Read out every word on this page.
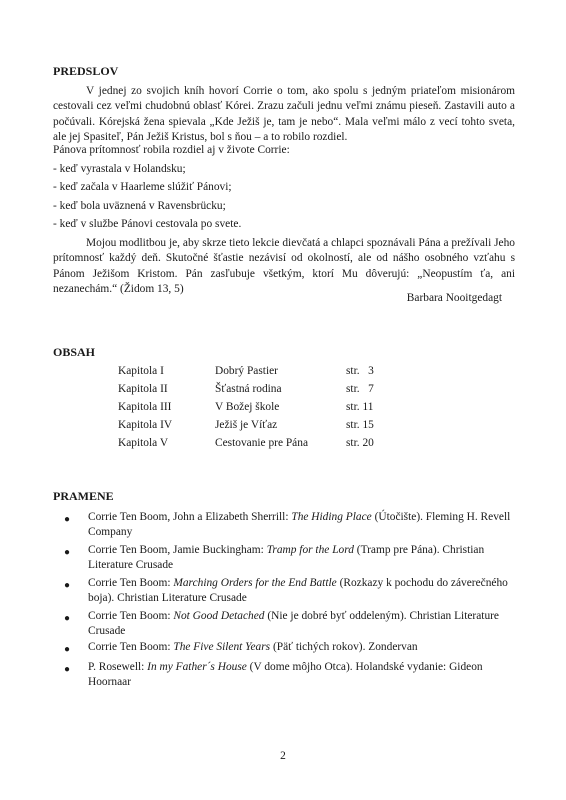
PREDSLOV

V jednej zo svojich kníh hovorí Corrie o tom, ako spolu s jedným priateľom misionárom cestovali cez veľmi chudobnú oblasť Kórei. Zrazu začuli jednu veľmi známu pieseň. Zastavili auto a počúvali. Kórejská žena spievala „Kde Ježiš je, tam je nebo“. Mala veľmi málo z vecí tohto sveta, ale jej Spasiteľ, Pán Ježiš Kristus, bol s ňou – a to robilo rozdiel.

Pánova prítomnosť robila rozdiel aj v živote Corrie:

- keď vyrastala v Holandsku;

- keď začala v Haarleme slúžiť Pánovi;

- keď bola uväznená v Ravensbrücku;

- keď v službe Pánovi cestovala po svete.

Mojou modlitbou je, aby skrze tieto lekcie dievčatá a chlapci spoznávali Pána a prežívali Jeho prítomnosť každý deň. Skutočné šťastie nezávisí od okolností, ale od nášho osobného vzťahu s Pánom Ježišom Kristom. Pán zasľubuje všetkým, ktorí Mu dôverujú: „Neopustím ťa, ani nezanechám.“ (Židom 13, 5)

Barbara Nooitgedagt

OBSAH
Kapitola I	Dobrý Pastier	str.   3
Kapitola II	Šťastná rodina	str.   7
Kapitola III	V Božej škole	str. 11
Kapitola IV	Ježiš je Víťaz	str. 15
Kapitola V	Cestovanie pre Pána	str. 20
PRAMENE
● Corrie Ten Boom, John a Elizabeth Sherrill: The Hiding Place (Útočište). Fleming H. Revell Company

● Corrie Ten Boom, Jamie Buckingham: Tramp for the Lord (Tramp pre Pána). Christian Literature Crusade

● Corrie Ten Boom: Marching Orders for the End Battle (Rozkazy k pochodu do záverečného boja). Christian Literature Crusade

● Corrie Ten Boom: Not Good Detached (Nie je dobré byť oddeleným). Christian Literature Crusade

● Corrie Ten Boom: The Five Silent Years (Päť tichých rokov). Zondervan

● P. Rosewell: In my Father´s House (V dome môjho Otca). Holandské vydanie: Gideon Hoornaar

2
